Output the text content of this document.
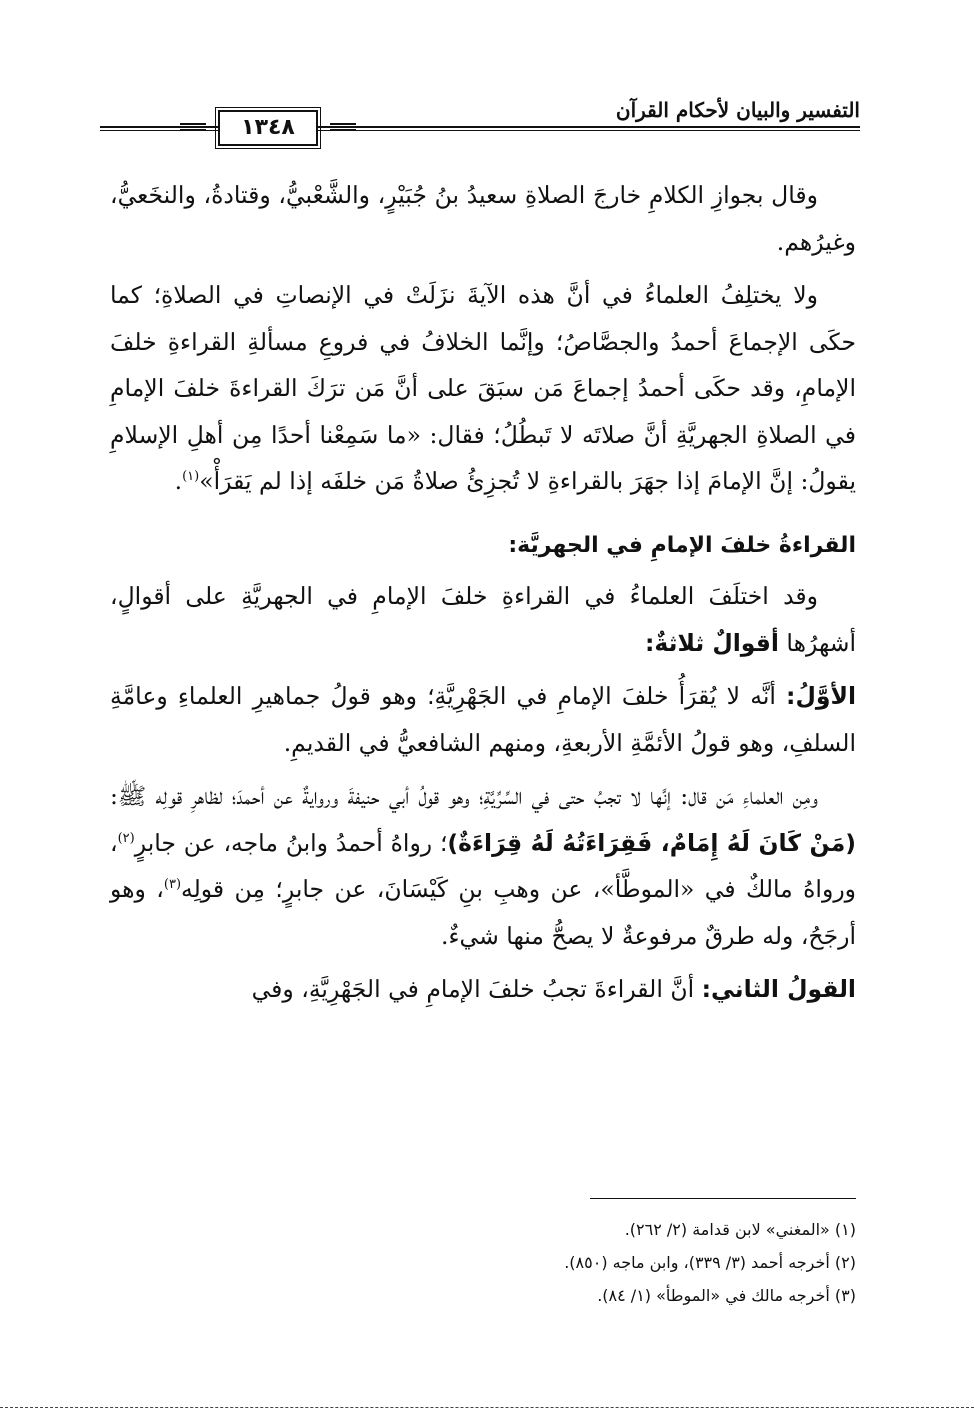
التفسير والبيان لأحكام القرآن
١٣٤٨

وقال بجوازِ الكلامِ خارجَ الصلاةِ سعيدُ بنُ جُبَيْرٍ، والشَّعْبيُّ، وقتادةُ، والنخَعيُّ، وغيرُهم.

ولا يختلِفُ العلماءُ في أنَّ هذه الآيةَ نزَلَتْ في الإنصاتِ في الصلاةِ؛ كما حكَى الإجماعَ أحمدُ والجصَّاصُ؛ وإنَّما الخلافُ في فروعِ مسألةِ القراءةِ خلفَ الإمامِ، وقد حكَى أحمدُ إجماعَ مَن سبَقَ على أنَّ مَن ترَكَ القراءةَ خلفَ الإمامِ في الصلاةِ الجهريَّةِ أنَّ صلاتَه لا تَبطُلُ؛ فقال: «ما سَمِعْنا أحدًا مِن أهلِ الإسلامِ يقولُ: إنَّ الإمامَ إذا جهَرَ بالقراءةِ لا تُجزِئُ صلاةُ مَن خلفَه إذا لم يَقرَأْ»$^{(١)}$.

القراءةُ خلفَ الإمامِ في الجهريَّة:

وقد اختلَفَ العلماءُ في القراءةِ خلفَ الإمامِ في الجهريَّةِ على أقوالٍ، أشهرُها أقوالٌ ثلاثةٌ:

الأوَّلُ: أنَّه لا يُقرَأُ خلفَ الإمامِ في الجَهْرِيَّةِ؛ وهو قولُ جماهيرِ العلماءِ وعامَّةِ السلفِ، وهو قولُ الأئمَّةِ الأربعةِ، ومنهم الشافعيُّ في القديمِ.

ومِن العلماءِ مَن قال: إنَّها لا تجبُ حتى في السِّرِّيَّةِ؛ وهو قولُ أبي حنيفةَ وروايةٌ عن أحمدَ؛ لظاهرِ قولِه ﷺ: (مَنْ كَانَ لَهُ إِمَامٌ، فَقِرَاءَتُهُ لَهُ قِرَاءَةٌ)؛ رواهُ أحمدُ وابنُ ماجه، عن جابرٍ$^{(٢)}$، ورواهُ مالكٌ في «الموطَّأ»، عن وهبِ بنِ كَيْسَانَ، عن جابرٍ؛ مِن قولِه$^{(٣)}$، وهو أرجَحُ، وله طرقٌ مرفوعةٌ لا يصحُّ منها شيءٌ.

القولُ الثاني: أنَّ القراءةَ تجبُ خلفَ الإمامِ في الجَهْرِيَّةِ، وفي

(١) «المغني» لابن قدامة (٢/ ٢٦٢).

(٢) أخرجه أحمد (٣/ ٣٣٩)، وابن ماجه (٨٥٠).

(٣) أخرجه مالك في «الموطأ» (١/ ٨٤).
